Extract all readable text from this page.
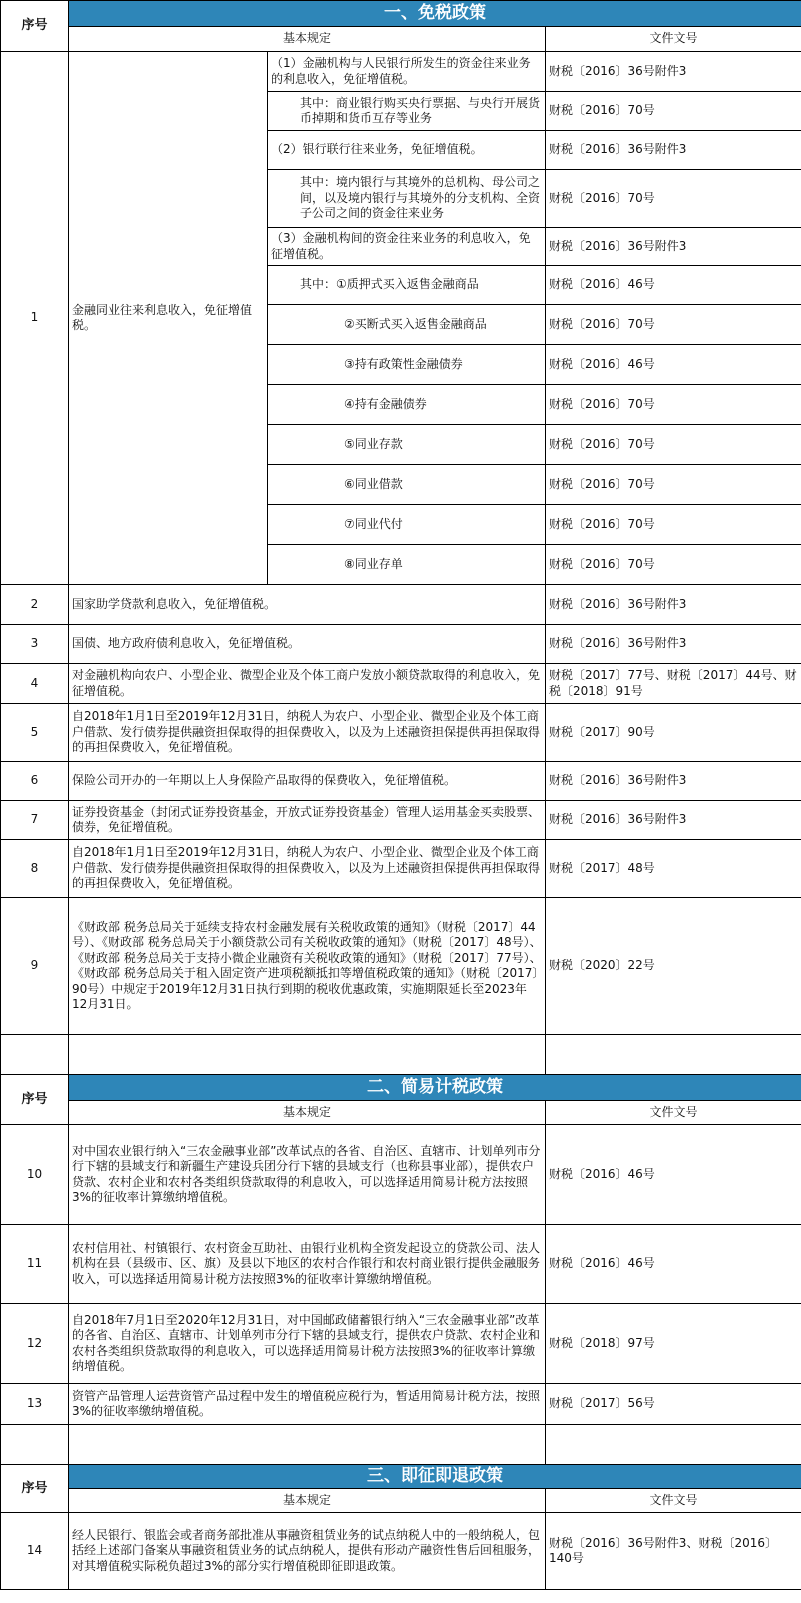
序号	一、免税政策		
	基本规定		文件文号
1	金融同业往来利息收入，免征增值税。	（1）金融机构与人民银行所发生的资金往来业务的利息收入，免征增值税。	财税〔2016〕36号附件3
		其中：商业银行购买央行票据、与央行开展货币掉期和货币互存等业务	财税〔2016〕70号
		（2）银行联行往来业务，免征增值税。	财税〔2016〕36号附件3
		其中：境内银行与其境外的总机构、母公司之间，以及境内银行与其境外的分支机构、全资子公司之间的资金往来业务	财税〔2016〕70号
		（3）金融机构间的资金往来业务的利息收入，免征增值税。	财税〔2016〕36号附件3
		其中：①质押式买入返售金融商品	财税〔2016〕46号
		②买断式买入返售金融商品	财税〔2016〕70号
		③持有政策性金融债券	财税〔2016〕46号
		④持有金融债券	财税〔2016〕70号
		⑤同业存款	财税〔2016〕70号
		⑥同业借款	财税〔2016〕70号
		⑦同业代付	财税〔2016〕70号
		⑧同业存单	财税〔2016〕70号
2	国家助学贷款利息收入，免征增值税。		财税〔2016〕36号附件3
3	国债、地方政府债利息收入，免征增值税。		财税〔2016〕36号附件3
4	对金融机构向农户、小型企业、微型企业及个体工商户发放小额贷款取得的利息收入，免征增值税。		财税〔2017〕77号、财税〔2017〕44号、财税〔2018〕91号
5	自2018年1月1日至2019年12月31日，纳税人为农户、小型企业、微型企业及个体工商户借款、发行债券提供融资担保取得的担保费收入，以及为上述融资担保提供再担保取得的再担保费收入，免征增值税。		财税〔2017〕90号
6	保险公司开办的一年期以上人身保险产品取得的保费收入，免征增值税。		财税〔2016〕36号附件3
7	证券投资基金（封闭式证券投资基金，开放式证券投资基金）管理人运用基金买卖股票、债券，免征增值税。		财税〔2016〕36号附件3
8	自2018年1月1日至2019年12月31日，纳税人为农户、小型企业、微型企业及个体工商户借款、发行债券提供融资担保取得的担保费收入，以及为上述融资担保提供再担保取得的再担保费收入，免征增值税。		财税〔2017〕48号
9	《财政部 税务总局关于延续支持农村金融发展有关税收政策的通知》（财税〔2017〕44号）、《财政部 税务总局关于小额贷款公司有关税收政策的通知》（财税〔2017〕48号）、《财政部 税务总局关于支持小微企业融资有关税收政策的通知》（财税〔2017〕77号）、《财政部 税务总局关于租入固定资产进项税额抵扣等增值税政策的通知》（财税〔2017〕90号）中规定于2019年12月31日执行到期的税收优惠政策，实施期限延长至2023年12月31日。		财税〔2020〕22号

序号	二、简易计税政策		
	基本规定		文件文号
10	对中国农业银行纳入“三农金融事业部”改革试点的各省、自治区、直辖市、计划单列市分行下辖的县域支行和新疆生产建设兵团分行下辖的县域支行（也称县事业部），提供农户贷款、农村企业和农村各类组织贷款取得的利息收入，可以选择适用简易计税方法按照3%的征收率计算缴纳增值税。		财税〔2016〕46号
11	农村信用社、村镇银行、农村资金互助社、由银行业机构全资发起设立的贷款公司、法人机构在县（县级市、区、旗）及县以下地区的农村合作银行和农村商业银行提供金融服务收入，可以选择适用简易计税方法按照3%的征收率计算缴纳增值税。		财税〔2016〕46号
12	自2018年7月1日至2020年12月31日，对中国邮政储蓄银行纳入“三农金融事业部”改革的各省、自治区、直辖市、计划单列市分行下辖的县域支行，提供农户贷款、农村企业和农村各类组织贷款取得的利息收入，可以选择适用简易计税方法按照3%的征收率计算缴纳增值税。		财税〔2018〕97号
13	资管产品管理人运营资管产品过程中发生的增值税应税行为，暂适用简易计税方法，按照3%的征收率缴纳增值税。		财税〔2017〕56号

序号	三、即征即退政策		
	基本规定		文件文号
14	经人民银行、银监会或者商务部批准从事融资租赁业务的试点纳税人中的一般纳税人，包括经上述部门备案从事融资租赁业务的试点纳税人，提供有形动产融资性售后回租服务，对其增值税实际税负超过3%的部分实行增值税即征即退政策。		财税〔2016〕36号附件3、财税〔2016〕140号
